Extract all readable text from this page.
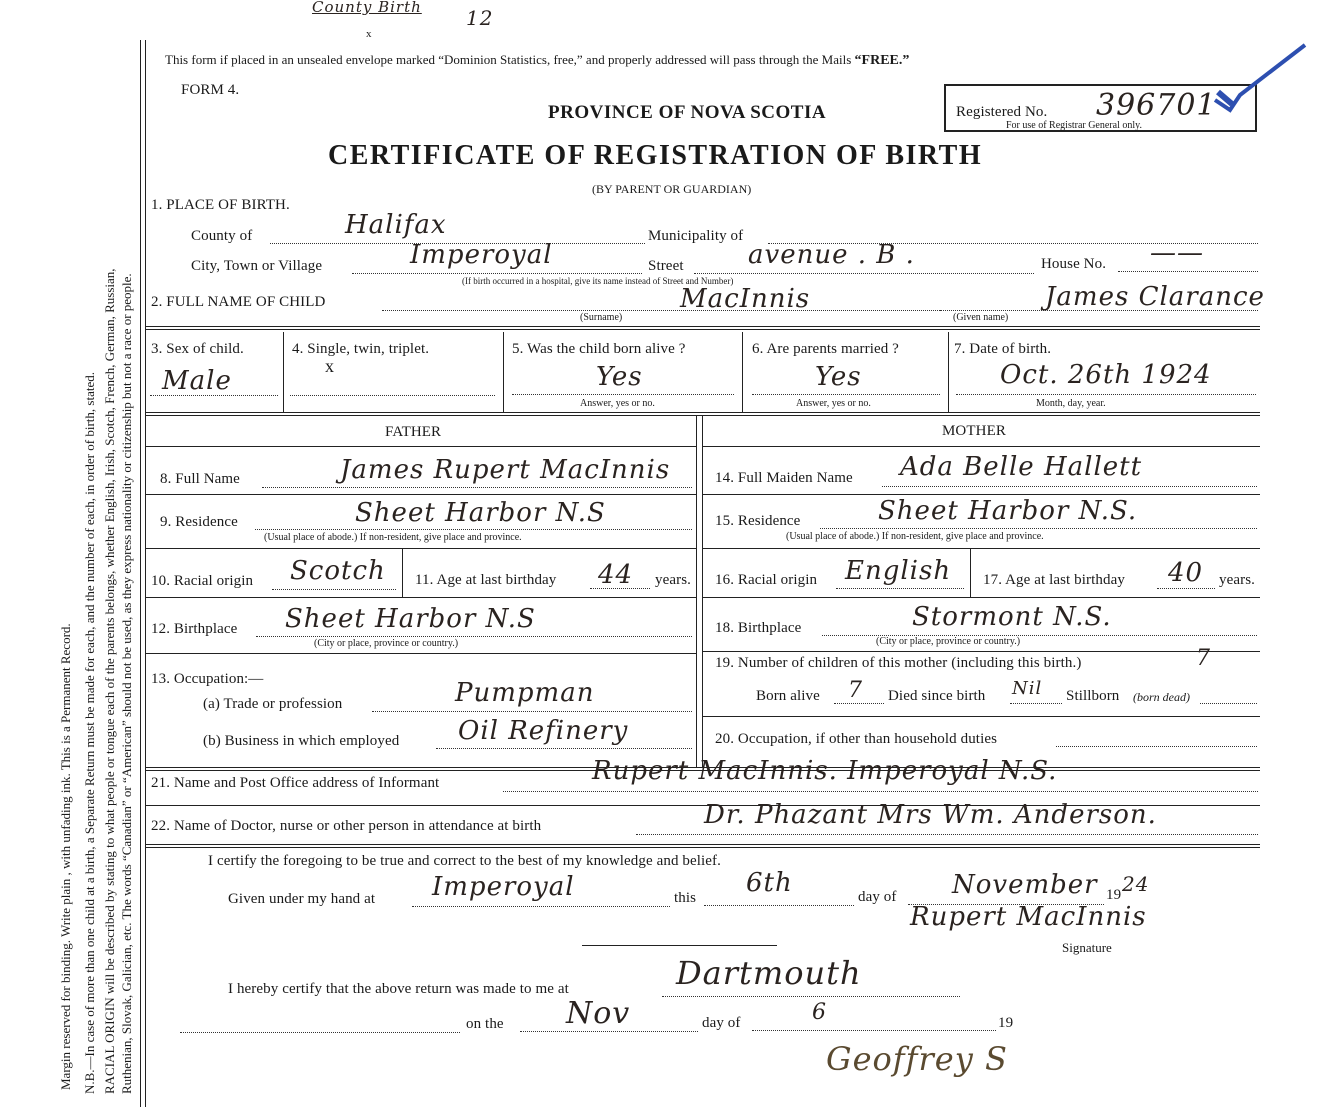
County Birth 12
x
Margin reserved for binding. Write plain , with unfading ink. This is a Permanent Record. N.B.—In case of more than one child at a birth, a Separate Return must be made for each, and the number of each, in order of birth, stated. RACIAL ORIGIN will be described by stating to what people or tongue each of the parents belongs, whether English, Irish, Scotch, French, German, Russian, Ruthenian, Slovak, Galician, etc. The words “Canadian” or “American” should not be used, as they express nationality or citizenship but not a race or people.
This form if placed in an unsealed envelope marked “Dominion Statistics, free,” and properly addressed will pass through the Mails “FREE.”
FORM 4.
PROVINCE OF NOVA SCOTIA	Registered No. 396701
For use of Registrar General only.
CERTIFICATE OF REGISTRATION OF BIRTH
(BY PARENT OR GUARDIAN)
1. PLACE OF BIRTH.
County of	Halifax	Municipality of
City, Town or Village	Imperoyal
(If birth occurred in a hospital, give its name instead of Street and Number)
Street avenue . B .	House No. ——
2. FULL NAME OF CHILD	MacInnis
(Surname)
James Clarance
(Given name)
3. Sex of child.
Male
4. Single, twin, triplet.
x
5. Was the child born alive ?
Yes
Answer, yes or no.
6. Are parents married ?
Yes
Answer, yes or no.
7. Date of birth.
Oct. 26th 1924
Month, day, year.
FATHER
8. Full Name	James Rupert MacInnis
9. Residence	Sheet Harbor N.S
(Usual place of abode.) If non-resident, give place and province.
10. Racial origin Scotch 11. Age at last birthday 44 years.
12. Birthplace Sheet Harbor N.S
(City or place, province or country.)
13. Occupation:—
(a) Trade or profession	Pumpman
(b) Business in which employed Oil Refinery
MOTHER
14. Full Maiden Name Ada Belle Hallett
15. Residence	Sheet Harbor N.S.
(Usual place of abode.) If non-resident, give place and province.
16. Racial origin English 17. Age at last birthday 40 years.
18. Birthplace	Stormont N.S.
(City or place, province or country.)
19. Number of children of this mother (including this birth.)	7
Born alive 7 Died since birth Nil Stillborn (born dead)
20. Occupation, if other than household duties
21. Name and Post Office address of Informant	Rupert MacInnis. Imperoyal N.S.
22. Name of Doctor, nurse or other person in attendance at birth	Dr. Phazant Mrs Wm. Anderson.
I certify the foregoing to be true and correct to the best of my knowledge and belief.
Given under my hand at Imperoyal	this 6th	day of November 19 24
Rupert MacInnis
Signature
I hereby certify that the above return was made to me at	Dartmouth
on the Nov	day of	6	19
Geoffrey S
